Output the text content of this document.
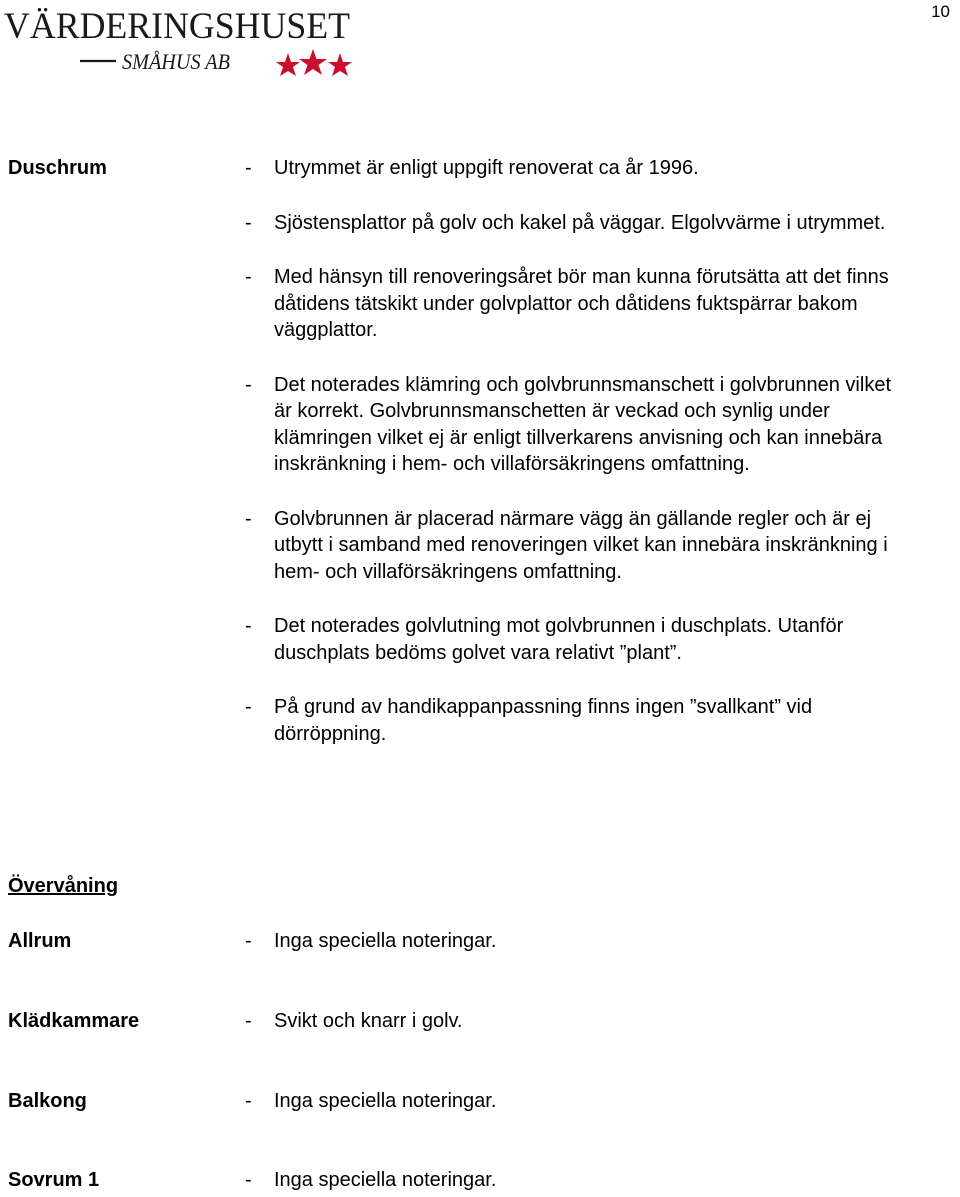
10
VÄRDERINGSHUSET
SMÅHUS AB
Duschrum	-	Utrymmet är enligt uppgift renoverat ca år 1996.
-	Sjöstensplattor på golv och kakel på väggar. Elgolvvärme i utrymmet.
-	Med hänsyn till renoveringsåret bör man kunna förutsätta att det finns dåtidens tätskikt under golvplattor och dåtidens fuktspärrar bakom väggplattor.
-	Det noterades klämring och golvbrunnsmanschett i golvbrunnen vilket är korrekt. Golvbrunnsmanschetten är veckad och synlig under klämringen vilket ej är enligt tillverkarens anvisning och kan innebära inskränkning i hem- och villaförsäkringens omfattning.
-	Golvbrunnen är placerad närmare vägg än gällande regler och är ej utbytt i samband med renoveringen vilket kan innebära inskränkning i hem- och villaförsäkringens omfattning.
-	Det noterades golvlutning mot golvbrunnen i duschplats. Utanför duschplats bedöms golvet vara relativt ”plant”.
-	På grund av handikappanpassning finns ingen ”svallkant” vid dörröppning.
Övervåning
Allrum	-	Inga speciella noteringar.
Klädkammare	-	Svikt och knarr i golv.
Balkong	-	Inga speciella noteringar.
Sovrum 1	-	Inga speciella noteringar.
